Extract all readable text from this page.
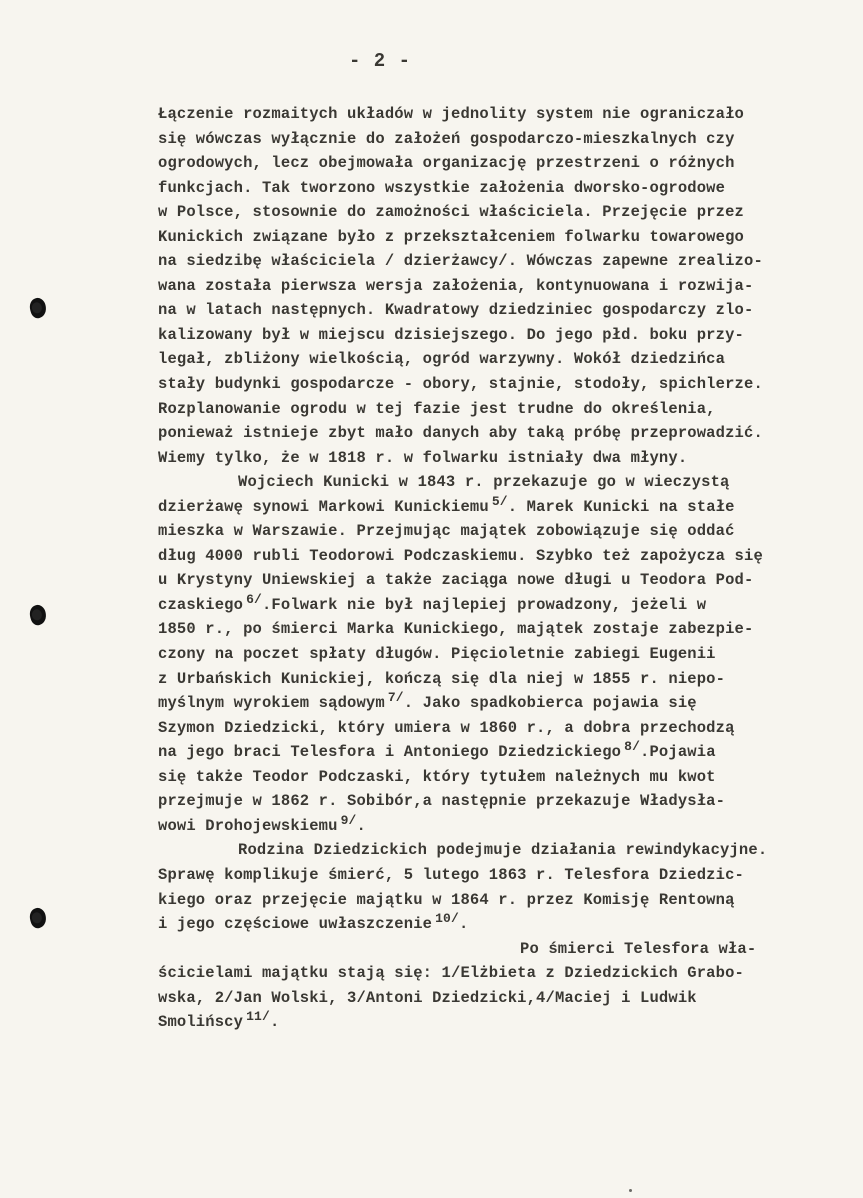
- 2 -
Łączenie rozmaitych układów w jednolity system nie ograniczało
się wówczas wyłącznie do założeń gospodarczo-mieszkalnych czy
ogrodowych, lecz obejmowała organizację przestrzeni o różnych
funkcjach. Tak tworzono wszystkie założenia dworsko-ogrodowe
w Polsce, stosownie do zamożności właściciela. Przejęcie przez
Kunickich związane było z przekształceniem folwarku towarowego
na siedzibę właściciela / dzierżawcy/. Wówczas zapewne zrealizo-
wana została pierwsza wersja założenia, kontynuowana i rozwija-
na w latach następnych. Kwadratowy dziedziniec gospodarczy zlo-
kalizowany był w miejscu dzisiejszego. Do jego płd. boku przy-
legał, zbliżony wielkością, ogród warzywny. Wokół dziedzińca
stały budynki gospodarcze - obory, stajnie, stodoły, spichlerze.
Rozplanowanie ogrodu w tej fazie jest trudne do określenia,
ponieważ istnieje zbyt mało danych aby taką próbę przeprowadzić.
Wiemy tylko, że w 1818 r. w folwarku istniały dwa młyny.
Wojciech Kunicki w 1843 r. przekazuje go w wieczystą
dzierżawę synowi Markowi Kunickiemu $^{5/}$. Marek Kunicki na stałe
mieszka w Warszawie. Przejmując majątek zobowiązuje się oddać
dług 4000 rubli Teodorowi Podczaskiemu. Szybko też zapożycza się
u Krystyny Uniewskiej a także zaciąga nowe długi u Teodora Pod-
czaskiego $^{6/}$.Folwark nie był najlepiej prowadzony, jeżeli w
1850 r., po śmierci Marka Kunickiego, majątek zostaje zabezpie-
czony na poczet spłaty długów. Pięcioletnie zabiegi Eugenii
z Urbańskich Kunickiej, kończą się dla niej w 1855 r. niepo-
myślnym wyrokiem sądowym $^{7/}$. Jako spadkobierca pojawia się
Szymon Dziedzicki, który umiera w 1860 r., a dobra przechodzą
na jego braci Telesfora i Antoniego Dziedzickiego $^{8/}$.Pojawia
się także Teodor Podczaski, który tytułem należnych mu kwot
przejmuje w 1862 r. Sobibór,a następnie przekazuje Władysła-
wowi Drohojewskiemu $^{9/}$.
Rodzina Dziedzickich podejmuje działania rewindykacyjne.
Sprawę komplikuje śmierć, 5 lutego 1863 r. Telesfora Dziedzic-
kiego oraz przejęcie majątku w 1864 r. przez Komisję Rentowną
i jego częściowe uwłaszczenie $^{10/}$.
Po śmierci Telesfora wła-
ścicielami majątku stają się: 1/Elżbieta z Dziedzickich Grabo-
wska, 2/Jan Wolski, 3/Antoni Dziedzicki,4/Maciej i Ludwik
Smolińscy $^{11/}$.
